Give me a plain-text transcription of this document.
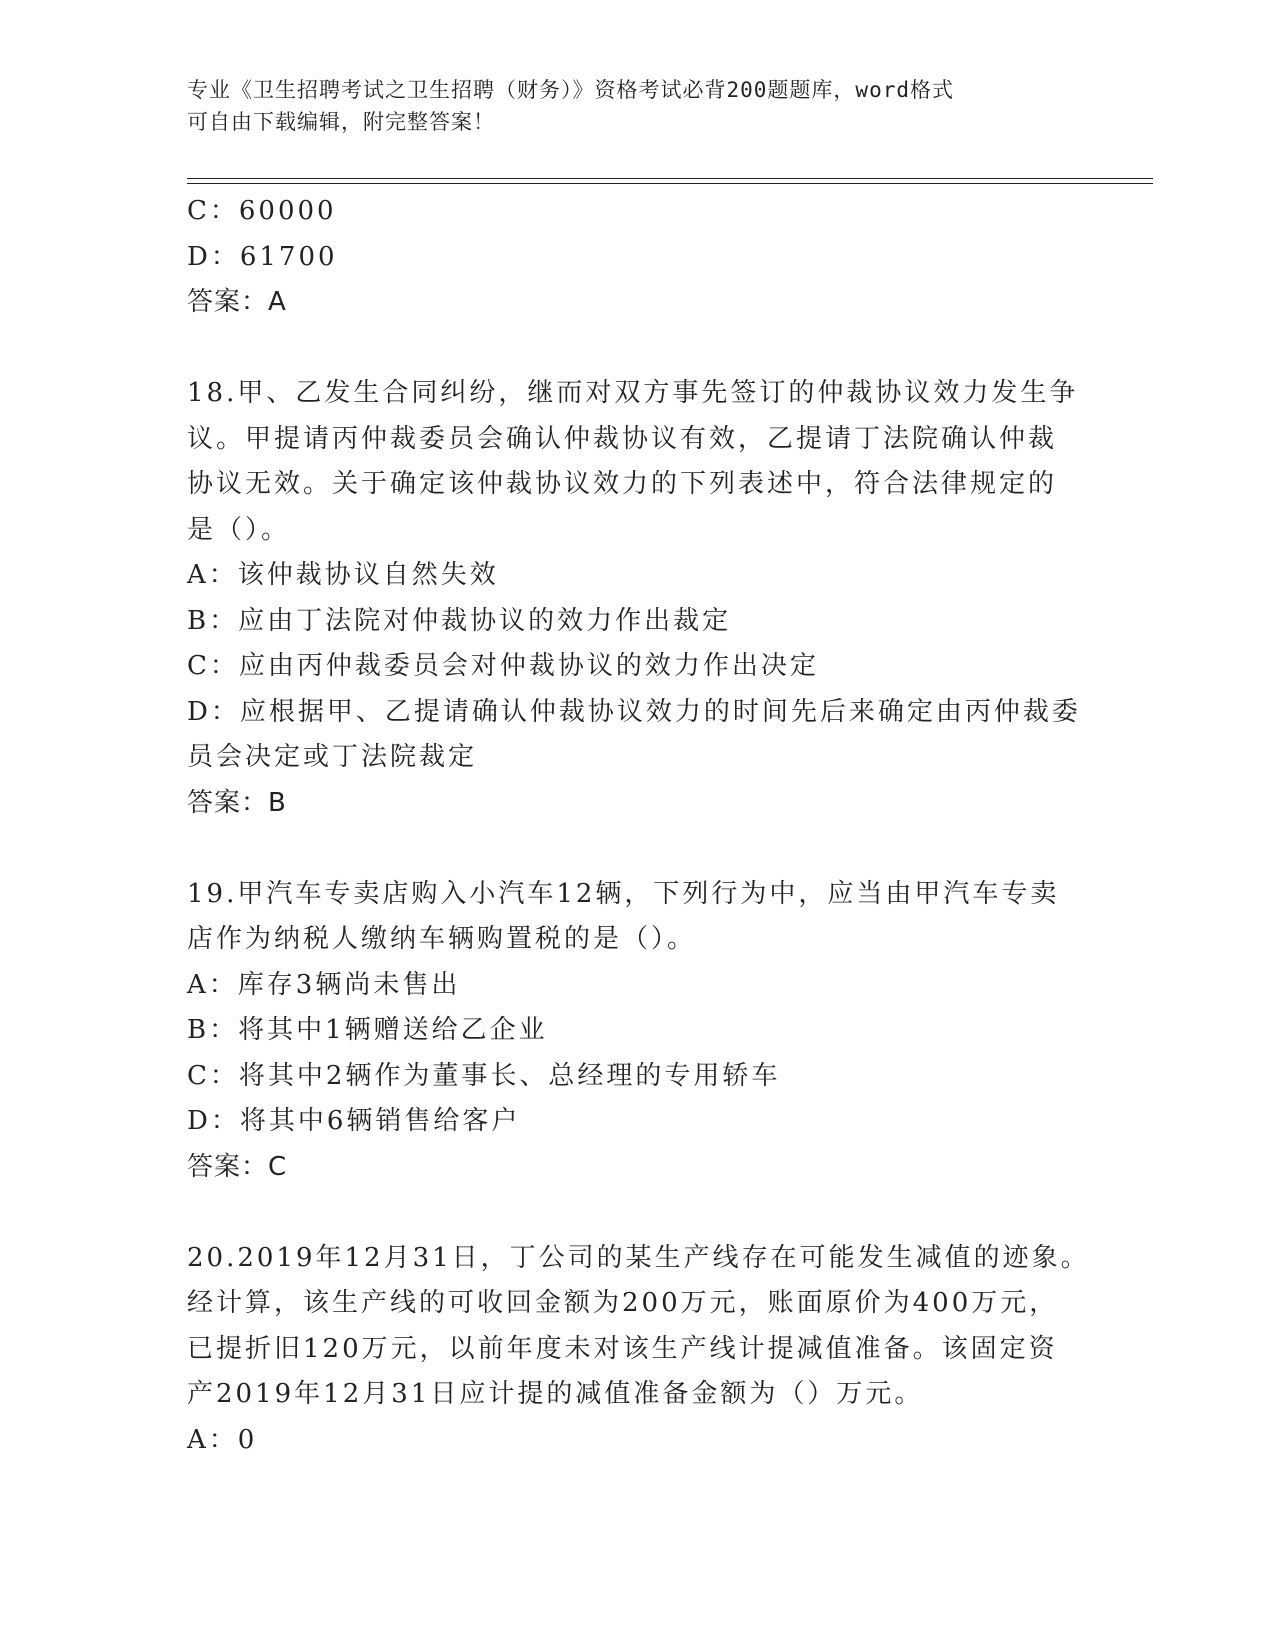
专业《卫生招聘考试之卫生招聘（财务）》资格考试必背200题题库，word格式
可自由下载编辑，附完整答案！
C：60000
D：61700
答案：A
18.甲、乙发生合同纠纷，继而对双方事先签订的仲裁协议效力发生争
议。甲提请丙仲裁委员会确认仲裁协议有效，乙提请丁法院确认仲裁
协议无效。关于确定该仲裁协议效力的下列表述中，符合法律规定的
是（）。
A：该仲裁协议自然失效
B：应由丁法院对仲裁协议的效力作出裁定
C：应由丙仲裁委员会对仲裁协议的效力作出决定
D：应根据甲、乙提请确认仲裁协议效力的时间先后来确定由丙仲裁委
员会决定或丁法院裁定
答案：B
19.甲汽车专卖店购入小汽车12辆，下列行为中，应当由甲汽车专卖
店作为纳税人缴纳车辆购置税的是（）。
A：库存3辆尚未售出
B：将其中1辆赠送给乙企业
C：将其中2辆作为董事长、总经理的专用轿车
D：将其中6辆销售给客户
答案：C
20.2019年12月31日，丁公司的某生产线存在可能发生减值的迹象。
经计算，该生产线的可收回金额为200万元，账面原价为400万元，
已提折旧120万元，以前年度未对该生产线计提减值准备。该固定资
产2019年12月31日应计提的减值准备金额为（）万元。
A：0
